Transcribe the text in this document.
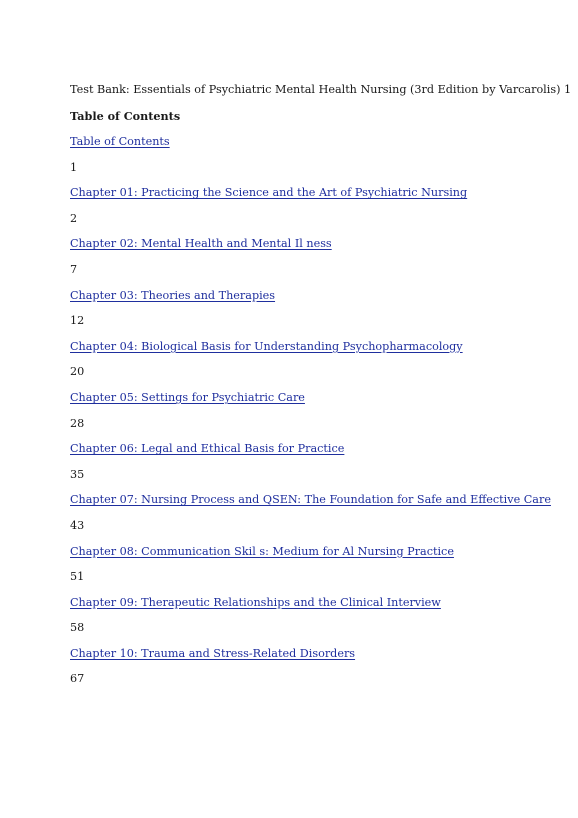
Test Bank: Essentials of Psychiatric Mental Health Nursing (3rd Edition by Varcarolis) 1
Table of Contents
Table of Contents
1
Chapter 01: Practicing the Science and the Art of Psychiatric Nursing
2
Chapter 02: Mental Health and Mental Il ness
7
Chapter 03: Theories and Therapies
12
Chapter 04: Biological Basis for Understanding Psychopharmacology
20
Chapter 05: Settings for Psychiatric Care
28
Chapter 06: Legal and Ethical Basis for Practice
35
Chapter 07: Nursing Process and QSEN: The Foundation for Safe and Effective Care
43
Chapter 08: Communication Skil s: Medium for Al Nursing Practice
51
Chapter 09: Therapeutic Relationships and the Clinical Interview
58
Chapter 10: Trauma and Stress-Related Disorders
67
